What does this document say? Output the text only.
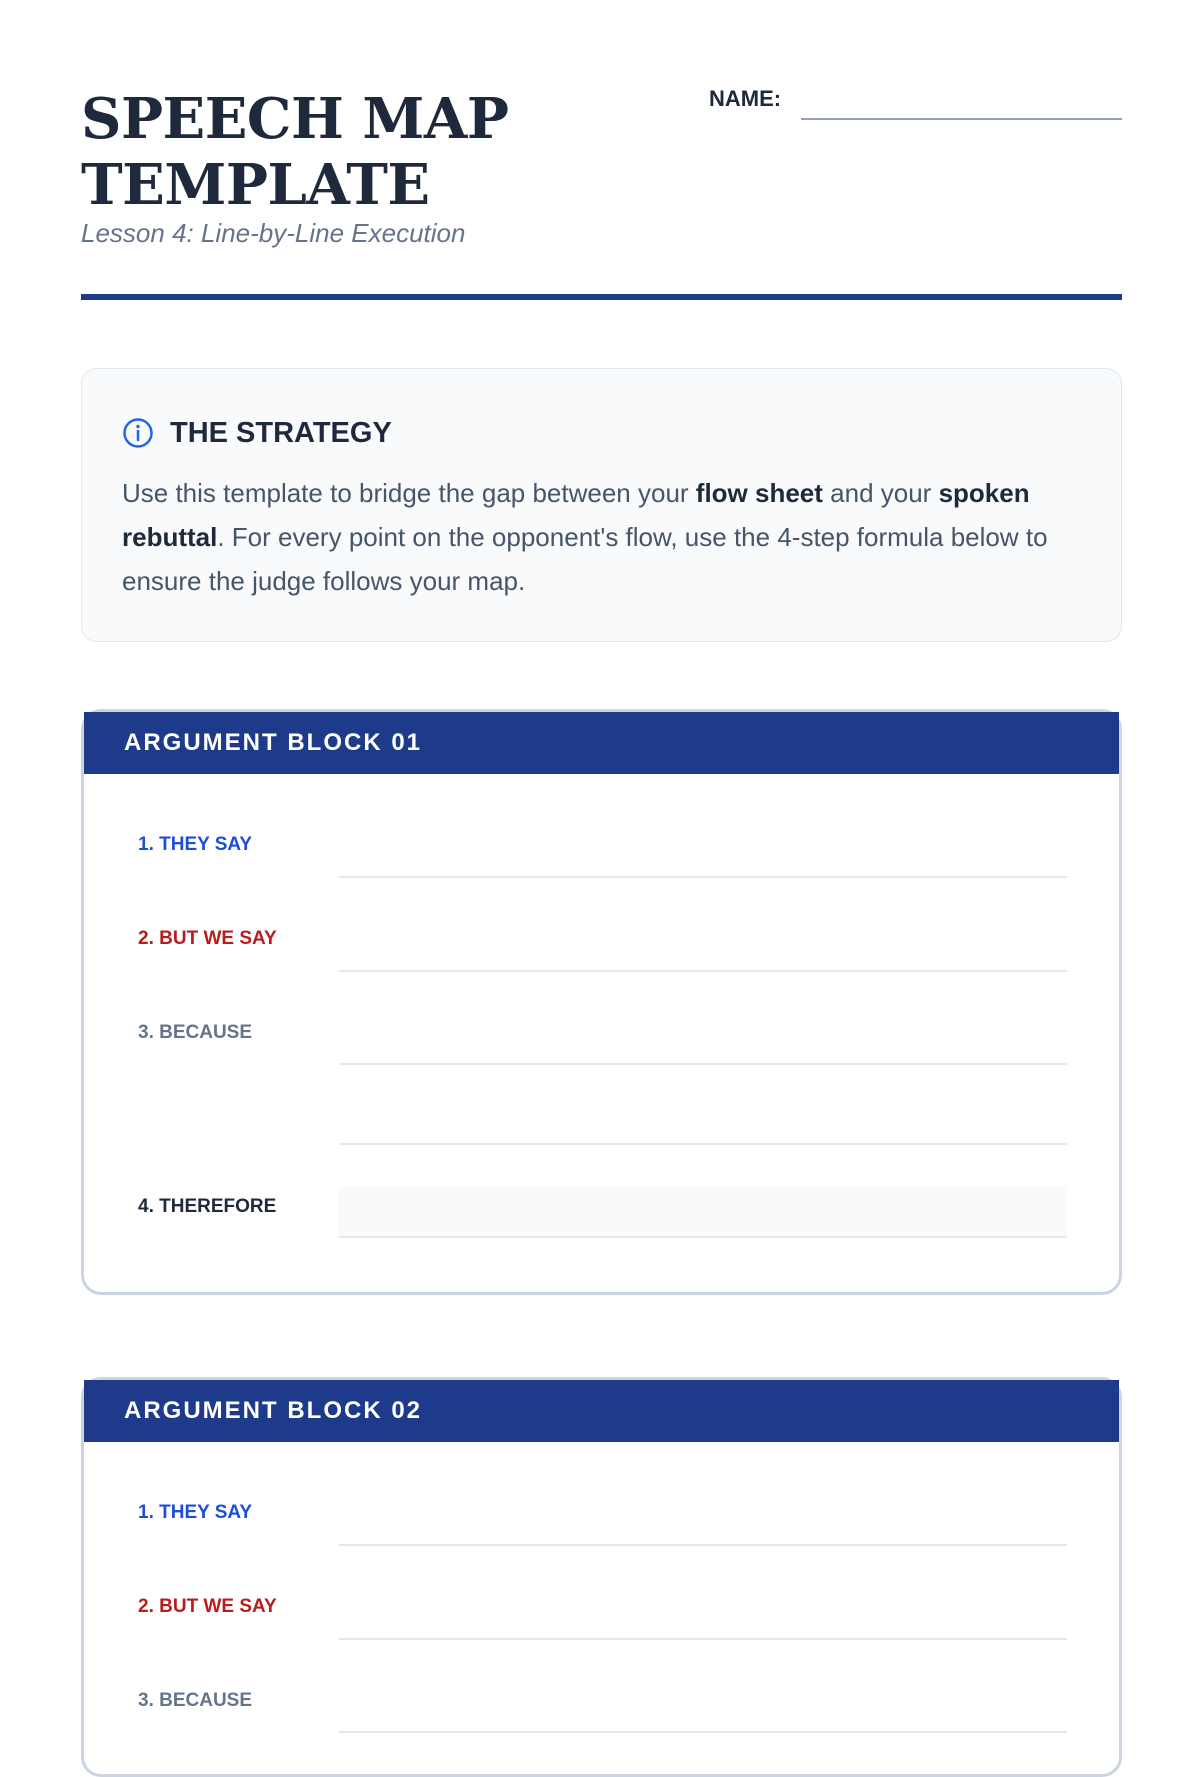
SPEECH MAP
TEMPLATE
Lesson 4: Line-by-Line Execution
NAME:
THE STRATEGY

Use this template to bridge the gap between your flow sheet and your spoken rebuttal. For every point on the opponent's flow, use the 4-step formula below to ensure the judge follows your map.

ARGUMENT BLOCK 01
1. THEY SAY
2. BUT WE SAY
3. BECAUSE
4. THEREFORE
ARGUMENT BLOCK 02
1. THEY SAY
2. BUT WE SAY
3. BECAUSE
